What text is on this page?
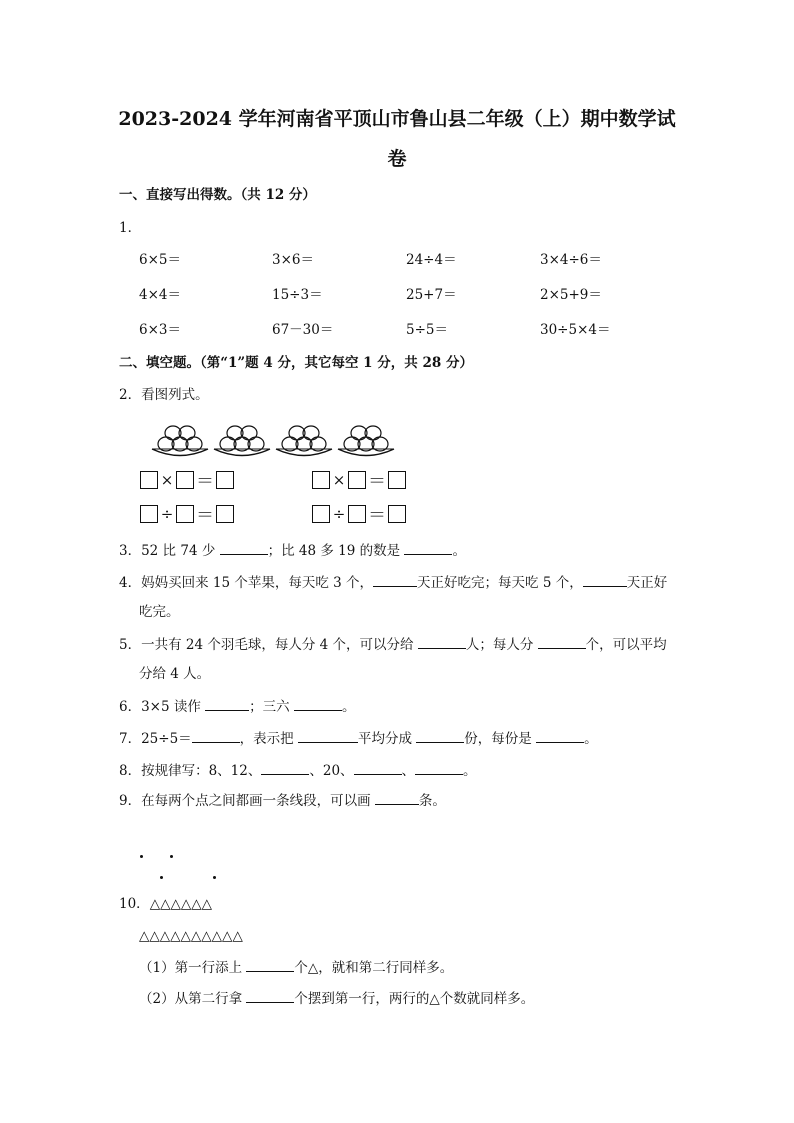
2023-2024 学年河南省平顶山市鲁山县二年级（上）期中数学试
卷
一、直接写出得数。（共 12 分）
1．
6×5＝	3×6＝	24÷4＝	3×4÷6＝
4×4＝	15÷3＝	25+7＝	2×5+9＝
6×3＝	67－30＝	5÷5＝	30÷5×4＝
二、填空题。（第“1”题 4 分，其它每空 1 分，共 28 分）
2．看图列式。
× ＝	× ＝
÷ ＝	÷ ＝
3．52 比 74 少	；比 48 多 19 的数是	。
4．妈妈买回来 15 个苹果，每天吃 3 个，	天正好吃完；每天吃 5 个，	天正好
吃完。
5．一共有 24 个羽毛球，每人分 4 个，可以分给	人；每人分	个，可以平均
分给 4 人。
6．3×5 读作	；三六	。
7．25÷5＝	，表示把	平均分成	份，每份是	。
8．按规律写：8、12、	、20、	、	。
9．在每两个点之间都画一条线段，可以画	条。
10．△△△△△△
△△△△△△△△△△
（1）第一行添上	个△，就和第二行同样多。
（2）从第二行拿	个摆到第一行，两行的△个数就同样多。
